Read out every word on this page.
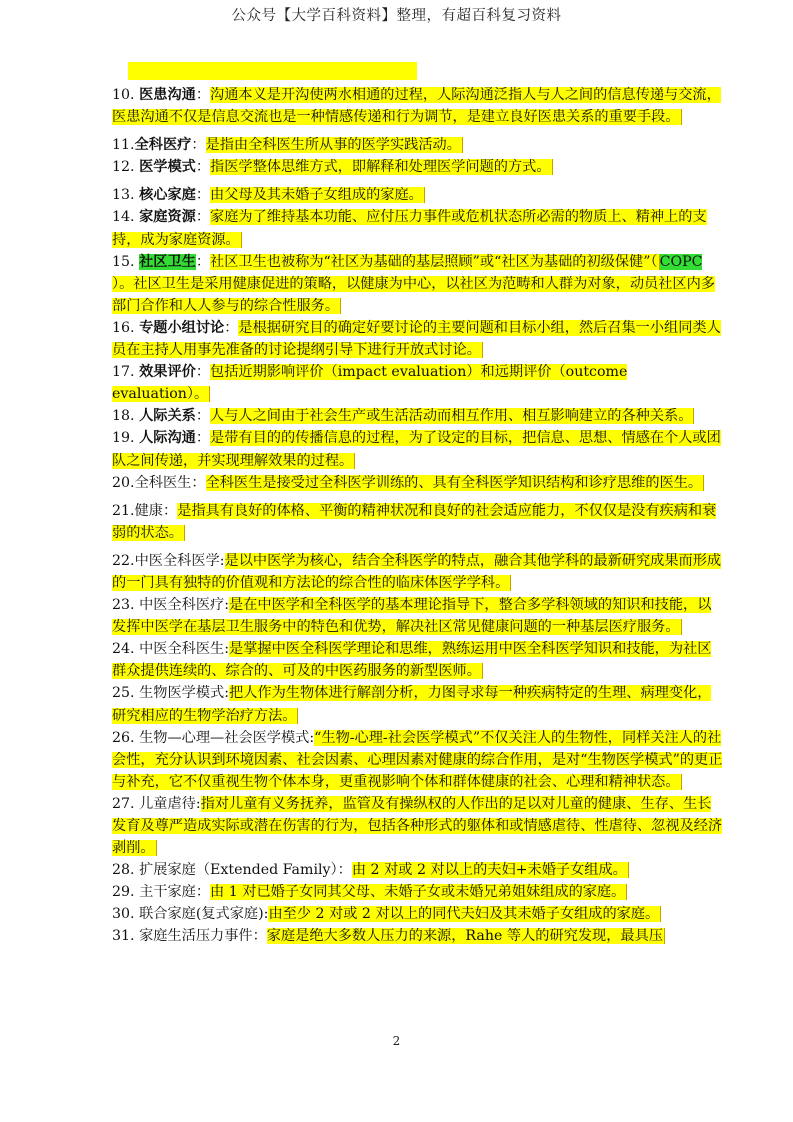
公众号【大学百科资料】整理，有超百科复习资料

10. 医患沟通：沟通本义是开沟使两水相通的过程，人际沟通泛指人与人之间的信息传递与交流，医患沟通不仅是信息交流也是一种情感传递和行为调节，是建立良好医患关系的重要手段。

11.全科医疗：是指由全科医生所从事的医学实践活动。

12. 医学模式：指医学整体思维方式，即解释和处理医学问题的方式。

13. 核心家庭：由父母及其未婚子女组成的家庭。

14. 家庭资源：家庭为了维持基本功能、应付压力事件或危机状态所必需的物质上、精神上的支持，成为家庭资源。

15. 社区卫生：社区卫生也被称为“社区为基础的基层照顾”或“社区为基础的初级保健”（ COPC ）。社区卫生是采用健康促进的策略，以健康为中心，以社区为范畴和人群为对象，动员社区内多部门合作和人人参与的综合性服务。

16. 专题小组讨论：是根据研究目的确定好要讨论的主要问题和目标小组，然后召集一小组同类人员在主持人用事先准备的讨论提纲引导下进行开放式讨论。

17. 效果评价：包括近期影响评价（impact evaluation）和远期评价（outcome evaluation）。

18. 人际关系：人与人之间由于社会生产或生活活动而相互作用、相互影响建立的各种关系。

19. 人际沟通：是带有目的的传播信息的过程，为了设定的目标，把信息、思想、情感在个人或团队之间传递，并实现理解效果的过程。

20.全科医生：全科医生是接受过全科医学训练的、具有全科医学知识结构和诊疗思维的医生。

21.健康：是指具有良好的体格、平衡的精神状况和良好的社会适应能力，不仅仅是没有疾病和衰弱的状态。

22.中医全科医学:是以中医学为核心，结合全科医学的特点，融合其他学科的最新研究成果而形成的一门具有独特的价值观和方法论的综合性的临床体医学学科。

23. 中医全科医疗:是在中医学和全科医学的基本理论指导下，整合多学科领域的知识和技能，以发挥中医学在基层卫生服务中的特色和优势，解决社区常见健康问题的一种基层医疗服务。

24. 中医全科医生:是掌握中医全科医学理论和思维，熟练运用中医全科医学知识和技能，为社区群众提供连续的、综合的、可及的中医药服务的新型医师。

25. 生物医学模式:把人作为生物体进行解剖分析，力图寻求每一种疾病特定的生理、病理变化，研究相应的生物学治疗方法。

26. 生物—心理—社会医学模式:“生物-心理-社会医学模式”不仅关注人的生物性，同样关注人的社会性，充分认识到环境因素、社会因素、心理因素对健康的综合作用，是对“生物医学模式”的更正与补充，它不仅重视生物个体本身，更重视影响个体和群体健康的社会、心理和精神状态。

27. 儿童虐待:指对儿童有义务抚养，监管及有操纵权的人作出的足以对儿童的健康、生存、生长发育及尊严造成实际或潜在伤害的行为，包括各种形式的躯体和或情感虐待、性虐待、忽视及经济剥削。

28. 扩展家庭（Extended Family）：由 2 对或 2 对以上的夫妇+未婚子女组成。

29. 主干家庭：由 1 对已婚子女同其父母、未婚子女或未婚兄弟姐妹组成的家庭。

30. 联合家庭(复式家庭):由至少 2 对或 2 对以上的同代夫妇及其未婚子女组成的家庭。

31. 家庭生活压力事件：家庭是绝大多数人压力的来源，Rahe 等人的研究发现，最具压

2
